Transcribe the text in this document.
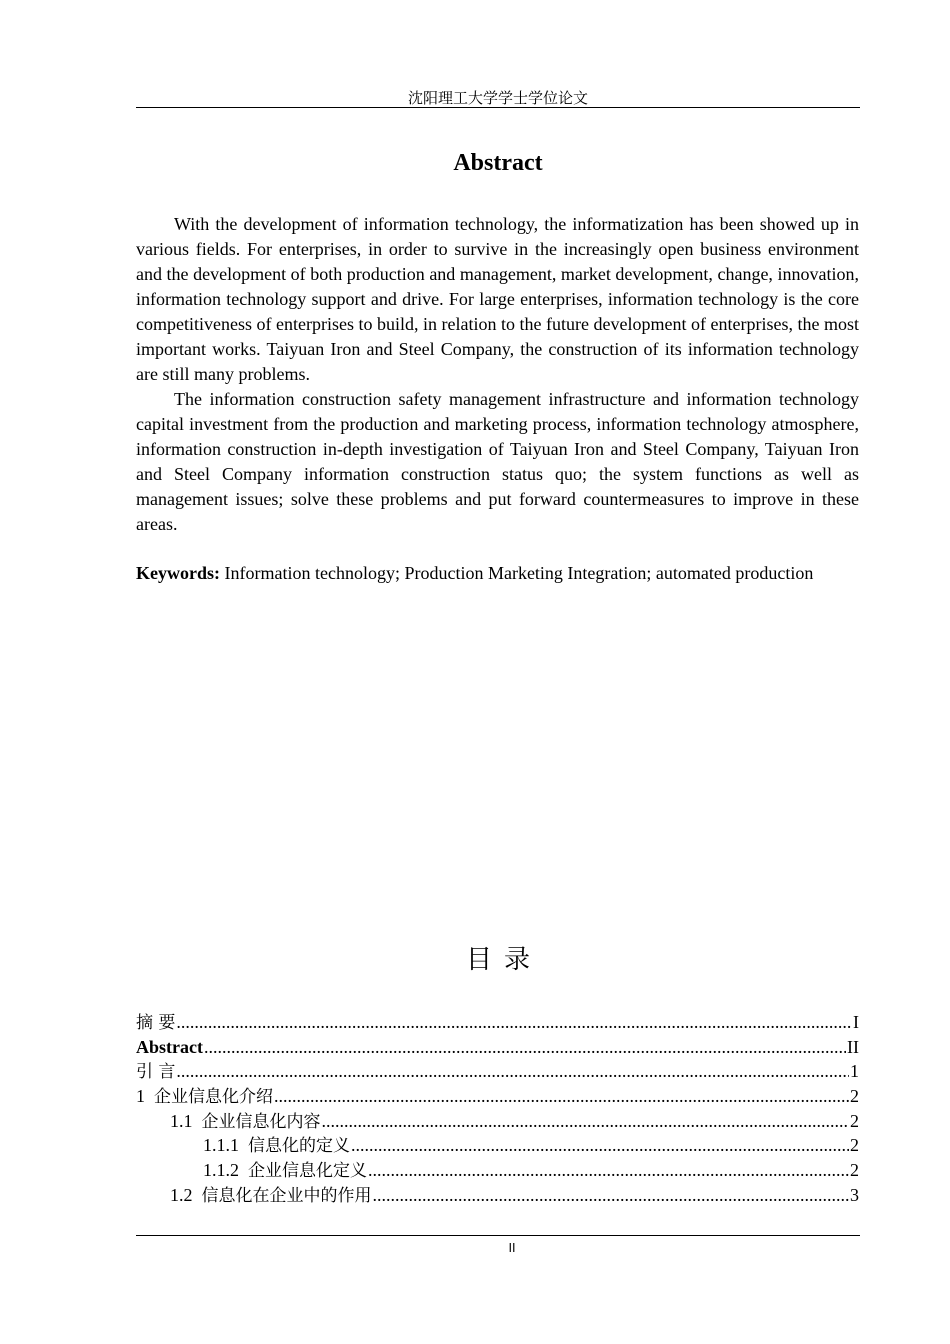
沈阳理工大学学士学位论文
Abstract

With the development of information technology, the informatization has been showed up in various fields. For enterprises, in order to survive in the increasingly open business environment and the development of both production and management, market development, change, innovation, information technology support and drive. For large enterprises, information technology is the core competitiveness of enterprises to build, in relation to the future development of enterprises, the most important works. Taiyuan Iron and Steel Company, the construction of its information technology are still many problems.

The information construction safety management infrastructure and information technology capital investment from the production and marketing process, information technology atmosphere, information construction in-depth investigation of Taiyuan Iron and Steel Company, Taiyuan Iron and Steel Company information construction status quo; the system functions as well as management issues; solve these problems and put forward countermeasures to improve in these areas.

Keywords: Information technology; Production Marketing Integration; automated production
目录
摘 要 .....	I
Abstract .....	II
引 言 .....	1
1 企业信息化介绍 .....	2
1.1 企业信息化内容 .....	2
1.1.1 信息化的定义 .....	2
1.1.2 企业信息化定义 .....	2
1.2 信息化在企业中的作用 .....	3
II
